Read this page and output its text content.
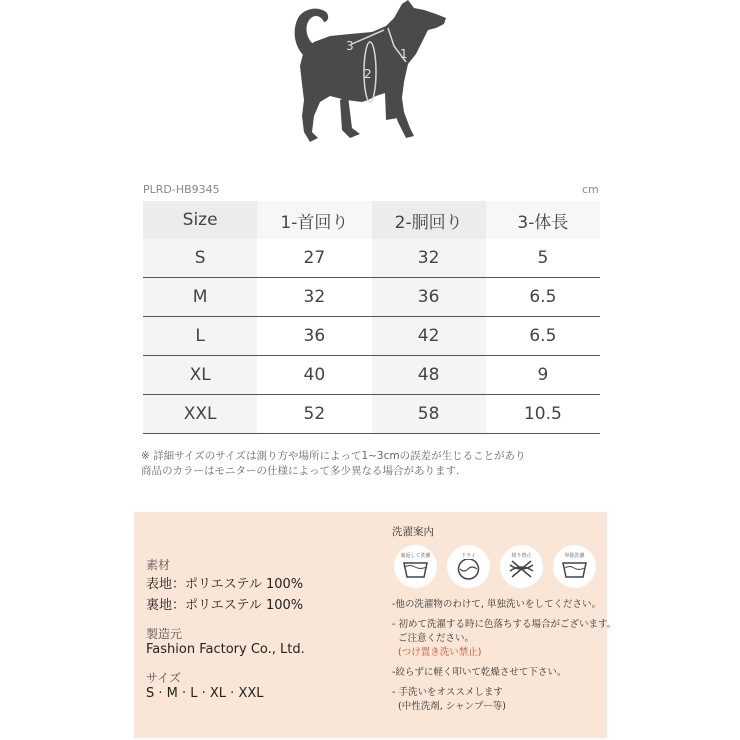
3
1
2
PLRD-HB9345	cm
Size	1-首回り	2-胴回り	3-体長
S	27	32	5
M	32	36	6.5
L	36	42	6.5
XL	40	48	9
XXL	52	58	10.5
※ 詳細サイズのサイズは測り方や場所によって1~3cmの誤差が生じることがあり
商品のカラーはモニターの仕様によって多少異なる場合があります.
素材
表地：ポリエステル 100%
裏地：ポリエステル 100%
製造元
Fashion Factory Co., Ltd.
サイズ
S · M · L · XL · XXL
洗濯案内
裏返して洗濯	ドライ	絞り禁止	単独洗濯
-他の洗濯物のわけて, 単独洗いをしてください。
- 初めて洗濯する時に色落ちする場合がございます。
ご注意ください。
(つけ置き洗い禁止)
-絞らずに軽く叩いて乾燥させて下さい。
- 手洗いをオススメします
(中性洗剤, シャンプー等)
